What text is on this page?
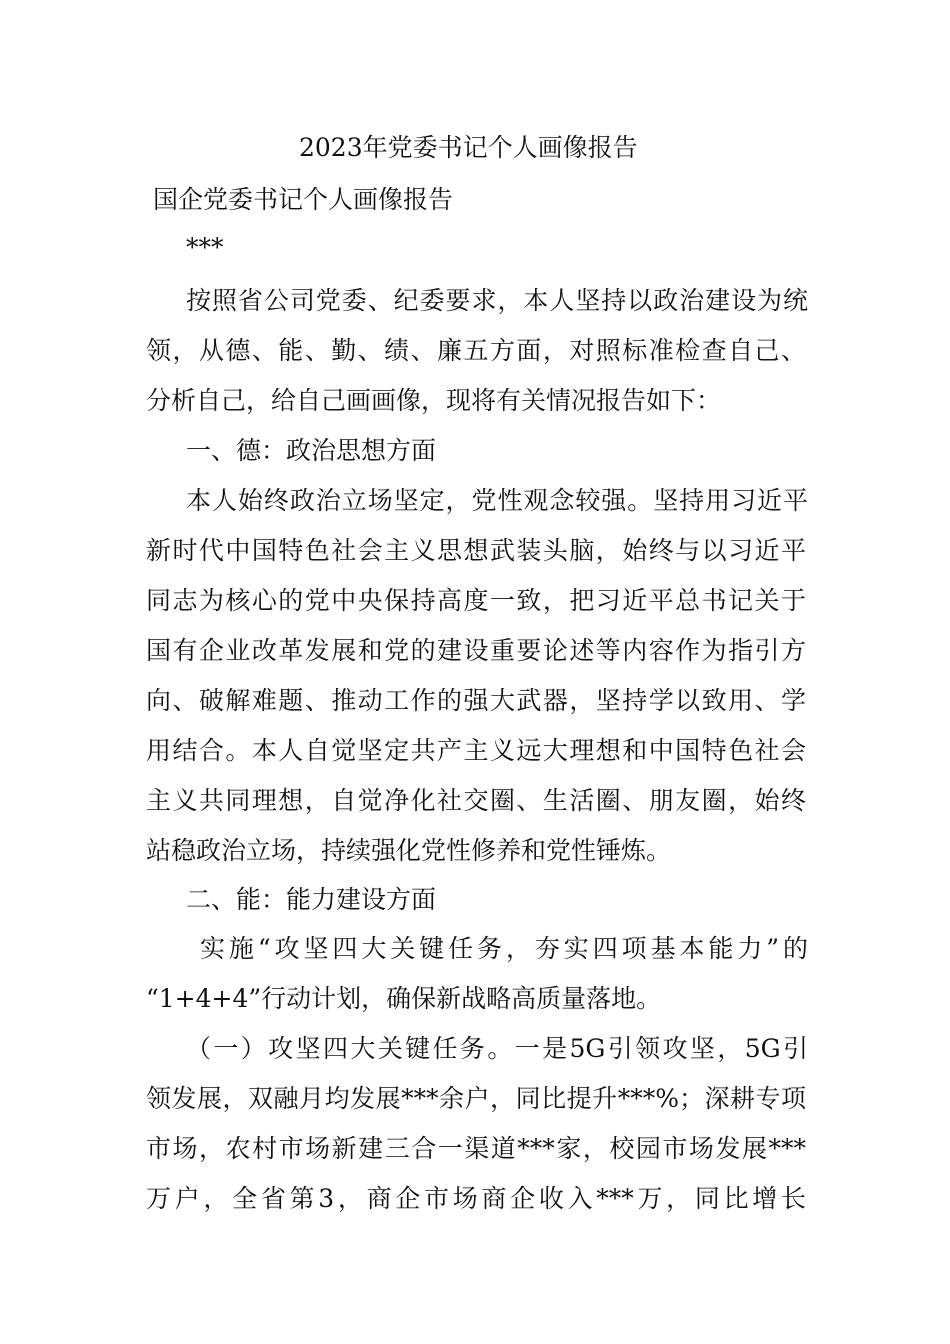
2023年党委书记个人画像报告
国企党委书记个人画像报告
***
按照省公司党委、纪委要求，本人坚持以政治建设为统
领，从德、能、勤、绩、廉五方面，对照标准检查自己、
分析自己，给自己画画像，现将有关情况报告如下：
一、德：政治思想方面
本人始终政治立场坚定，党性观念较强。坚持用习近平
新时代中国特色社会主义思想武装头脑，始终与以习近平
同志为核心的党中央保持高度一致，把习近平总书记关于
国有企业改革发展和党的建设重要论述等内容作为指引方
向、破解难题、推动工作的强大武器，坚持学以致用、学
用结合。本人自觉坚定共产主义远大理想和中国特色社会
主义共同理想，自觉净化社交圈、生活圈、朋友圈，始终
站稳政治立场，持续强化党性修养和党性锤炼。
二、能：能力建设方面
实施“攻坚四大关键任务，夯实四项基本能力”的
“1+4+4”行动计划，确保新战略高质量落地。
（一）攻坚四大关键任务。一是5G引领攻坚，5G引
领发展，双融月均发展***余户，同比提升***%；深耕专项
市场，农村市场新建三合一渠道***家，校园市场发展***
万户，全省第3，商企市场商企收入***万，同比增长
